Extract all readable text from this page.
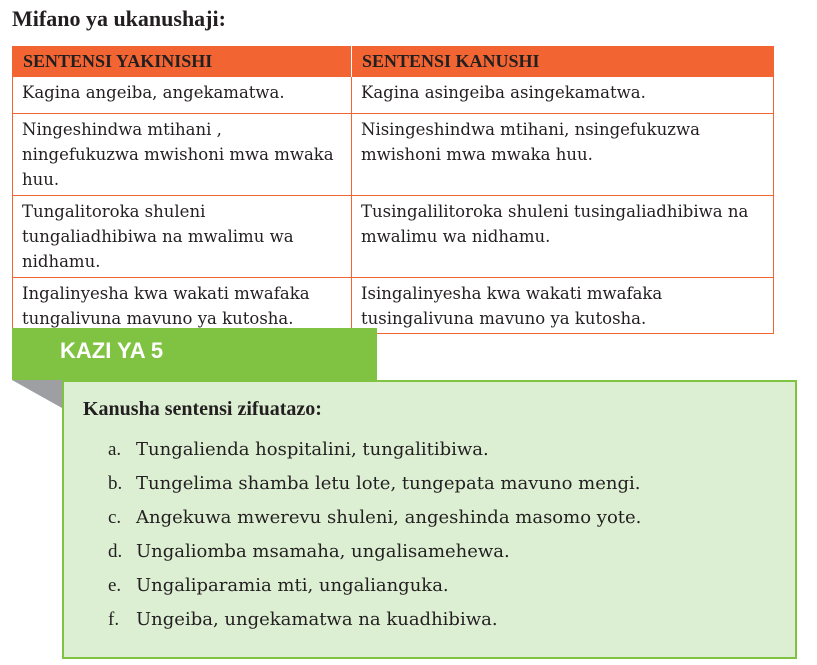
Mifano ya ukanushaji:
SENTENSI YAKINISHI	SENTENSI KANUSHI
Kagina angeiba, angekamatwa.	Kagina asingeiba asingekamatwa.
Ningeshindwa mtihani , ningefukuzwa mwishoni mwa mwaka huu.	Nisingeshindwa mtihani, nsingefukuzwa mwishoni mwa mwaka huu.
Tungalitoroka shuleni tungaliadhibiwa na mwalimu wa nidhamu.	Tusingalilitoroka shuleni tusingaliadhibiwa na mwalimu wa nidhamu.
Ingalinyesha kwa wakati mwafaka tungalivuna mavuno ya kutosha.	Isingalinyesha kwa wakati mwafaka tusingalivuna mavuno ya kutosha.
KAZI YA 5
Kanusha sentensi zifuatazo:
a. Tungalienda hospitalini, tungalitibiwa.
b. Tungelima shamba letu lote, tungepata mavuno mengi.
c. Angekuwa mwerevu shuleni, angeshinda masomo yote.
d. Ungaliomba msamaha, ungalisamehewa.
e. Ungaliparamia mti, ungalianguka.
f. Ungeiba, ungekamatwa na kuadhibiwa.
